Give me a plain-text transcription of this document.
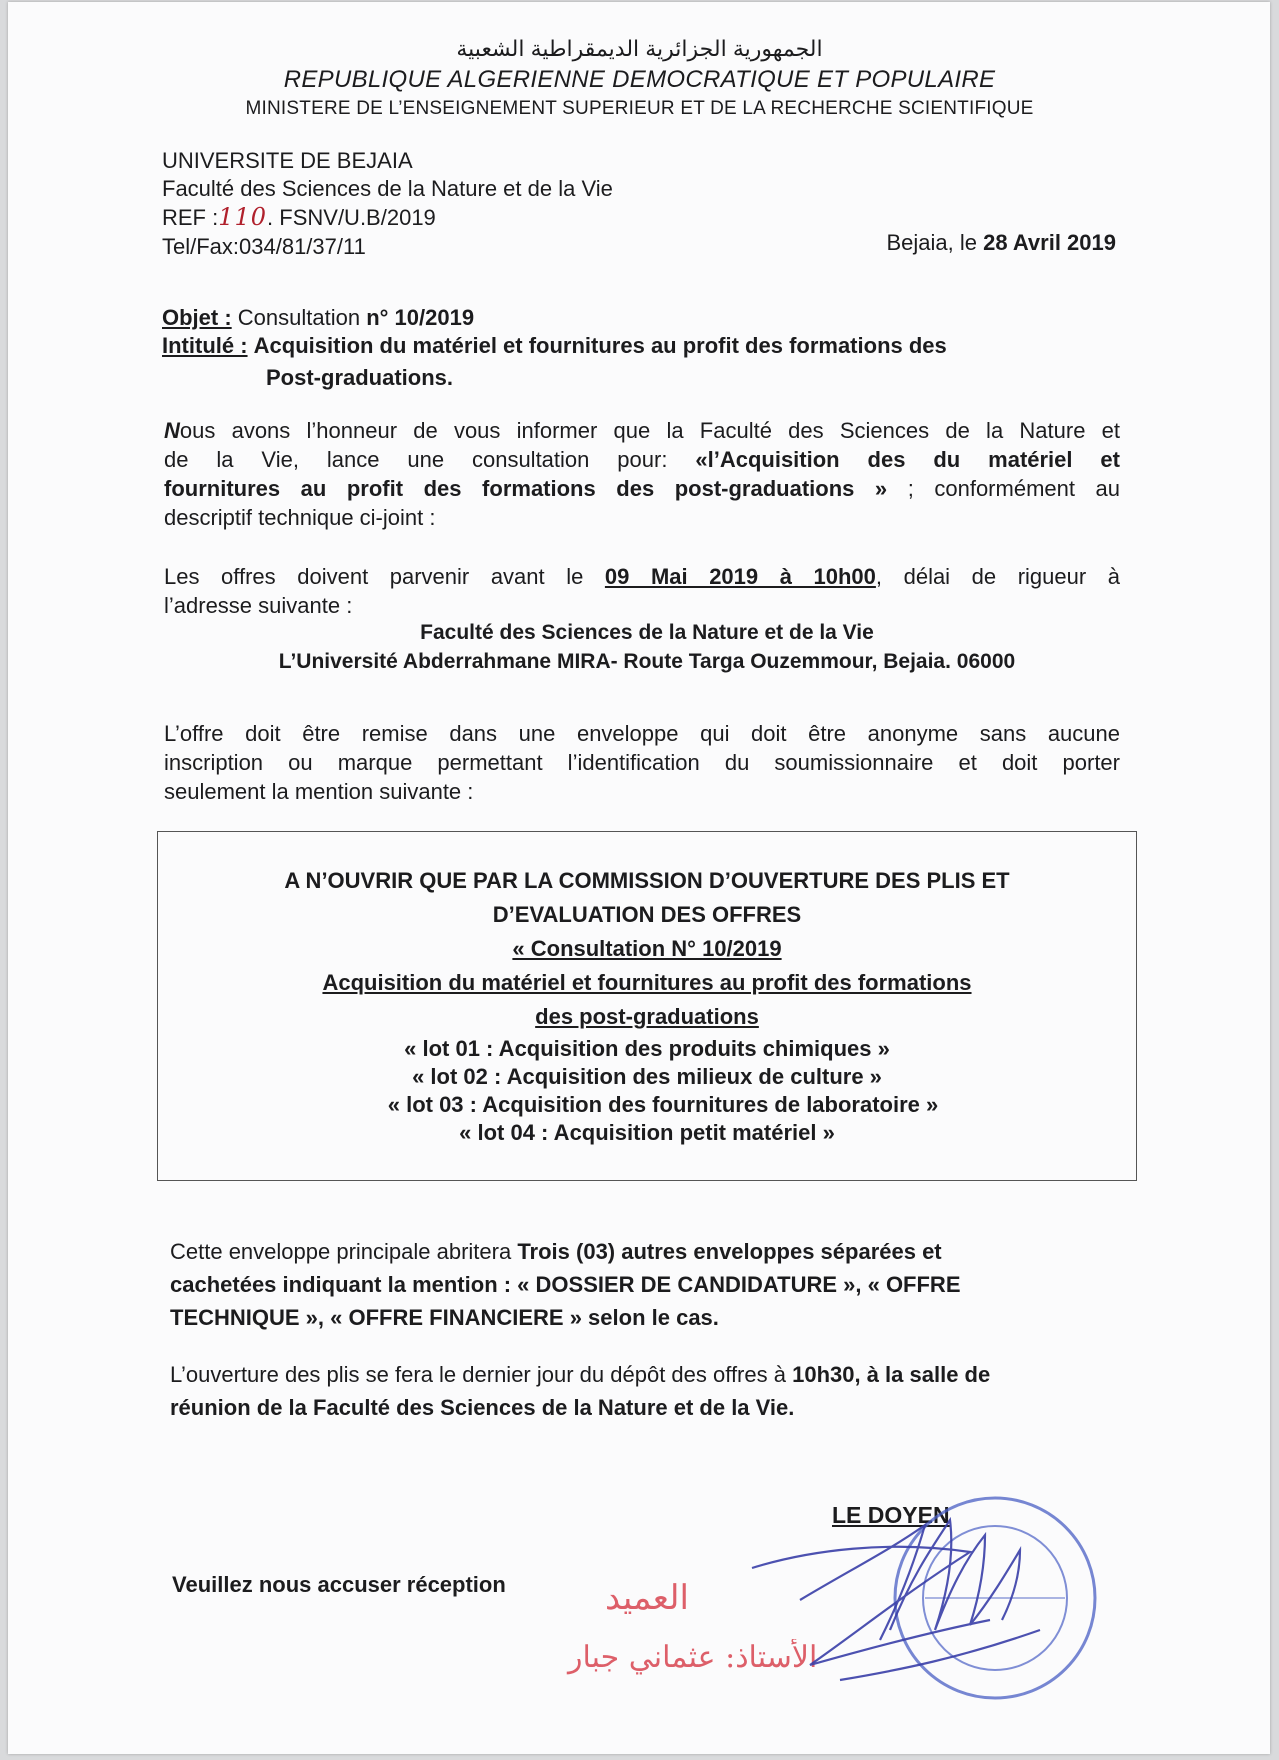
الجمهورية الجزائرية الديمقراطية الشعبية
REPUBLIQUE ALGERIENNE DEMOCRATIQUE ET POPULAIRE
MINISTERE DE L’ENSEIGNEMENT SUPERIEUR ET DE LA RECHERCHE SCIENTIFIQUE
UNIVERSITE DE BEJAIA
Faculté des Sciences de la Nature et de la Vie
REF :110. FSNV/U.B/2019
Tel/Fax:034/81/37/11	Bejaia, le 28 Avril 2019
Objet : Consultation n° 10/2019
Intitulé : Acquisition du matériel et fournitures au profit des formations des
Post-graduations.
Nous avons l’honneur de vous informer que la Faculté des Sciences de la Nature et
de la Vie, lance une consultation pour: «l’Acquisition des du matériel et
fournitures au profit des formations des post-graduations » ; conformément au
descriptif technique ci-joint :
Les offres doivent parvenir avant le 09 Mai 2019 à 10h00, délai de rigueur à
l’adresse suivante :
Faculté des Sciences de la Nature et de la Vie
L’Université Abderrahmane MIRA- Route Targa Ouzemmour, Bejaia. 06000
L’offre doit être remise dans une enveloppe qui doit être anonyme sans aucune
inscription ou marque permettant l’identification du soumissionnaire et doit porter
seulement la mention suivante :
A N’OUVRIR QUE PAR LA COMMISSION D’OUVERTURE DES PLIS ET
D’EVALUATION DES OFFRES
« Consultation N° 10/2019
Acquisition du matériel et fournitures au profit des formations
des post-graduations
« lot 01 : Acquisition des produits chimiques »
« lot 02 : Acquisition des milieux de culture »
« lot 03 : Acquisition des fournitures de laboratoire »
« lot 04 : Acquisition petit matériel »
Cette enveloppe principale abritera Trois (03) autres enveloppes séparées et
cachetées indiquant la mention : « DOSSIER DE CANDIDATURE », « OFFRE
TECHNIQUE », « OFFRE FINANCIERE » selon le cas.
L’ouverture des plis se fera le dernier jour du dépôt des offres à 10h30, à la salle de
réunion de la Faculté des Sciences de la Nature et de la Vie.
LE DOYEN
Veuillez nous accuser réception	العميد
الأستاذ: عثماني جبار
